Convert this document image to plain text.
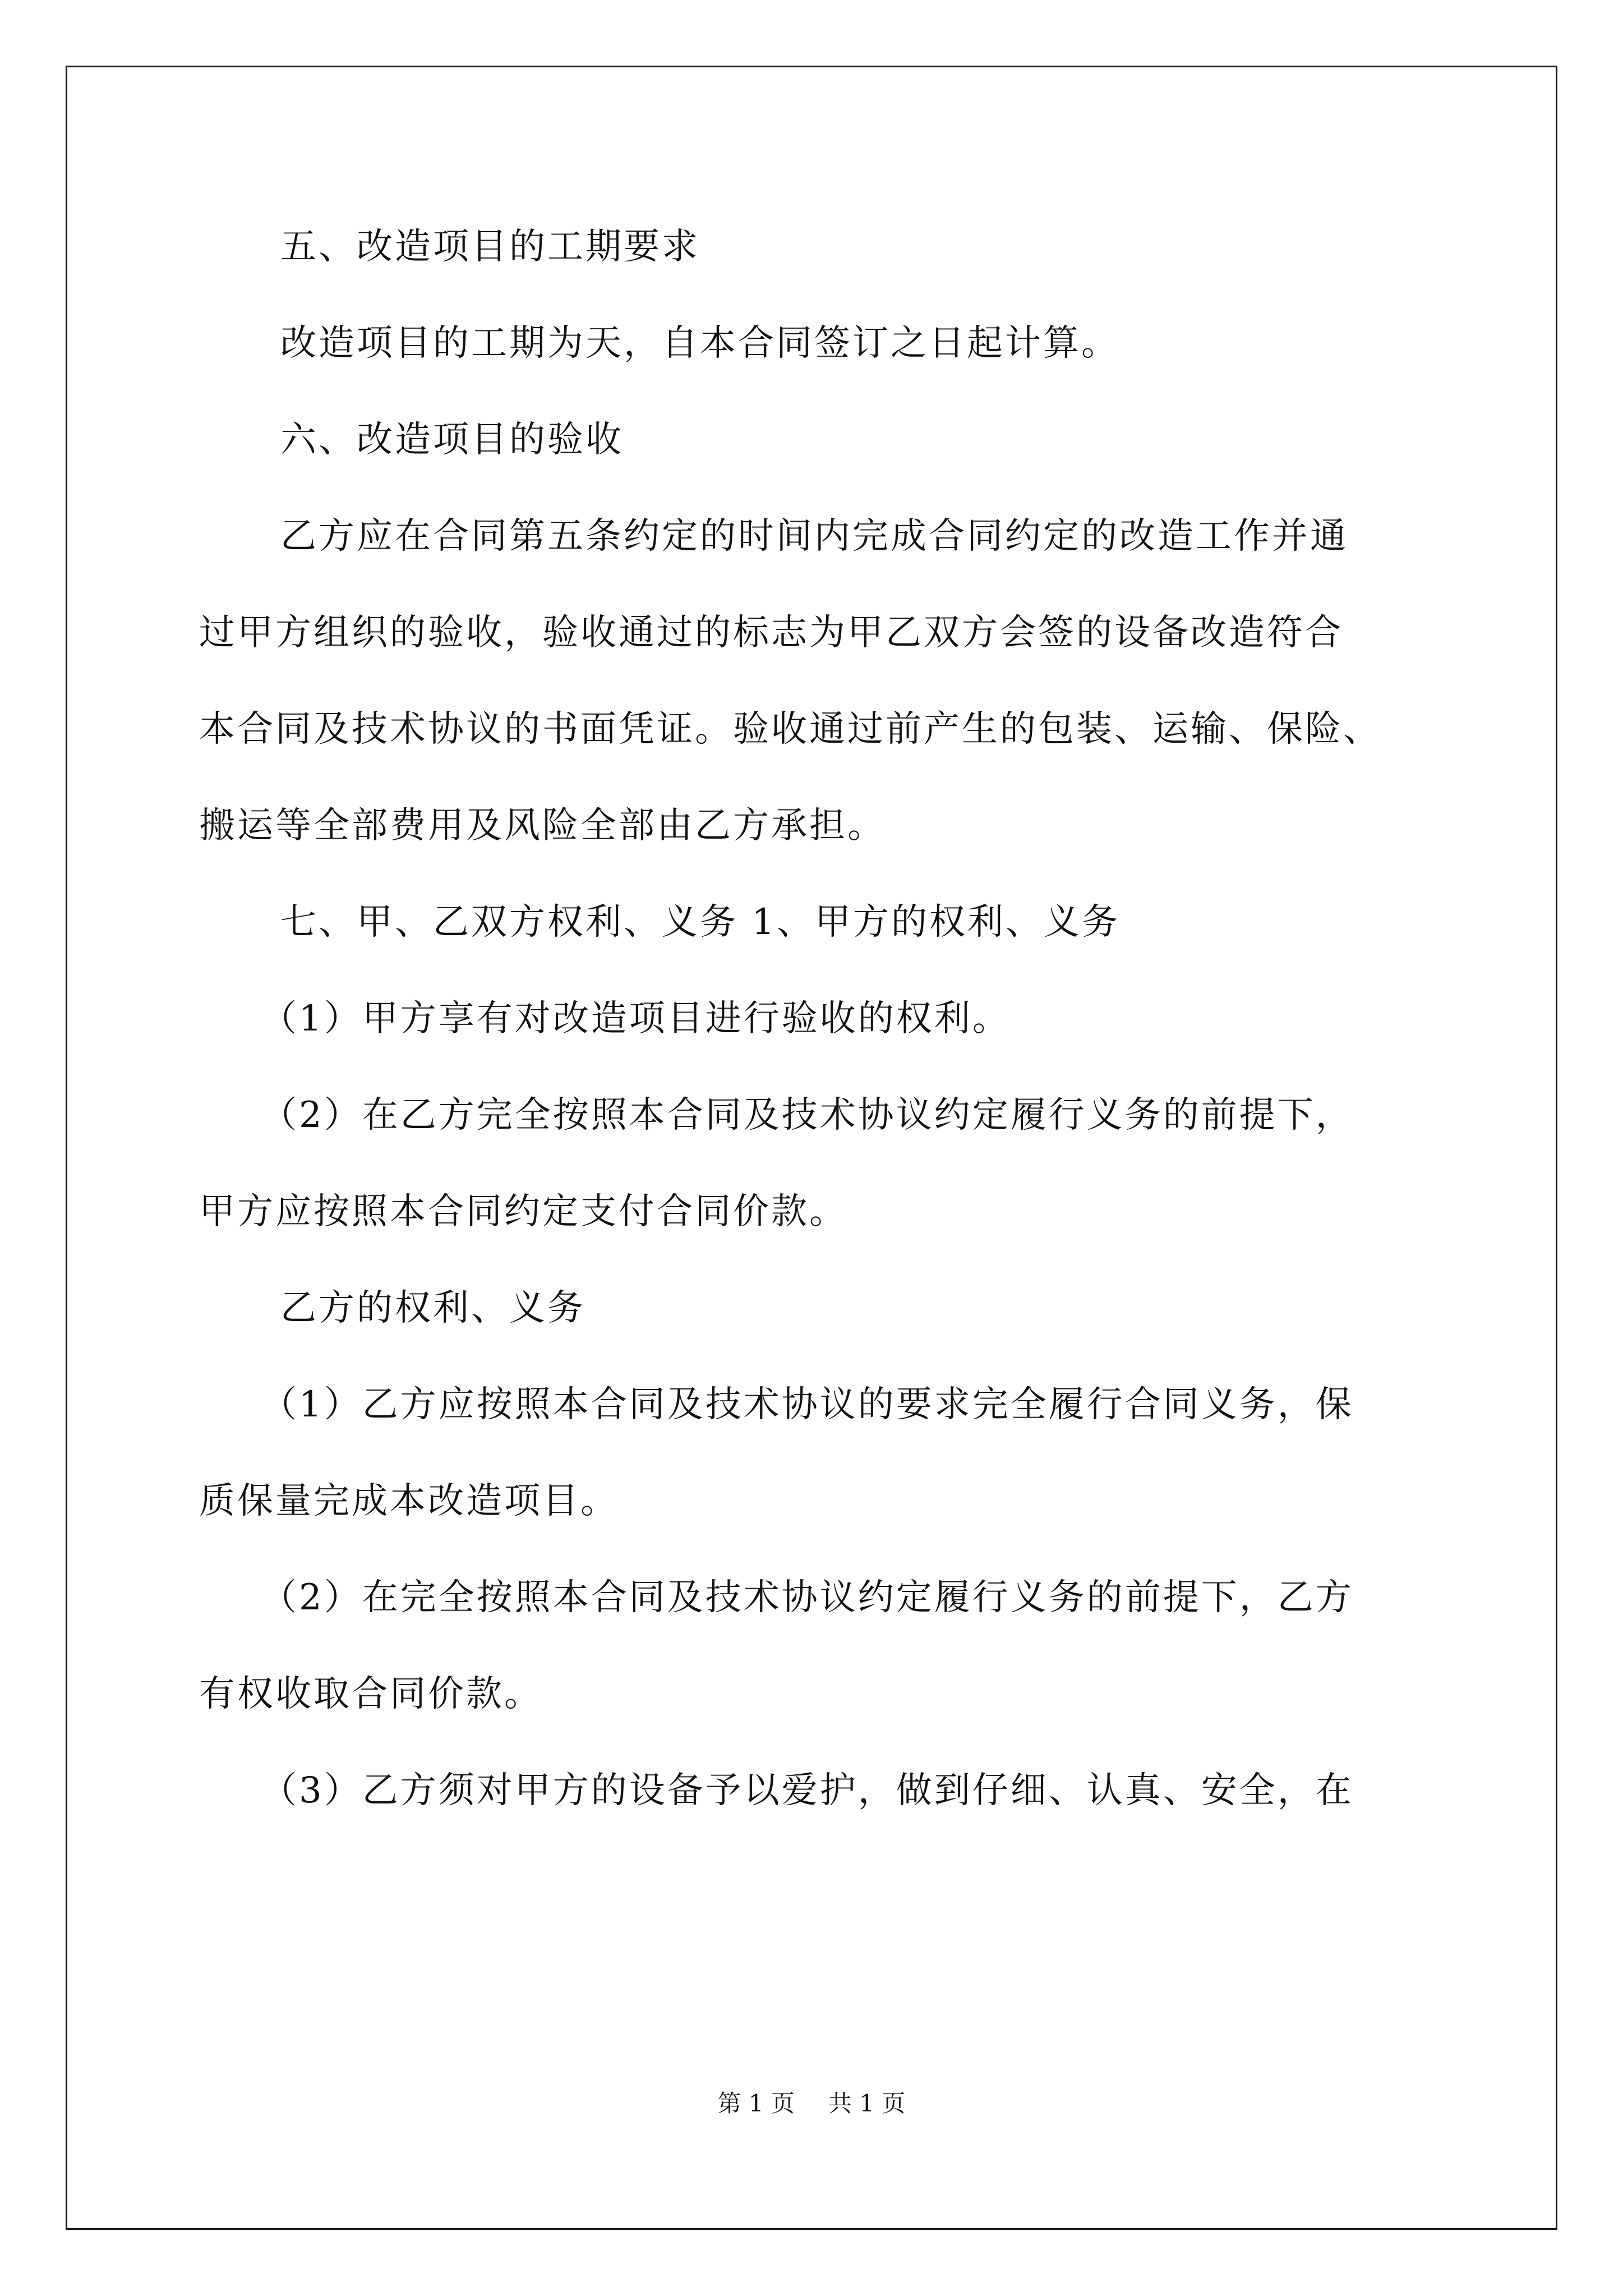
五、改造项目的工期要求
改造项目的工期为天，自本合同签订之日起计算。
六、改造项目的验收
乙方应在合同第五条约定的时间内完成合同约定的改造工作并通
过甲方组织的验收，验收通过的标志为甲乙双方会签的设备改造符合
本合同及技术协议的书面凭证。验收通过前产生的包装、运输、保险、
搬运等全部费用及风险全部由乙方承担。
七、甲、乙双方权利、义务 1、甲方的权利、义务
（1）甲方享有对改造项目进行验收的权利。
（2）在乙方完全按照本合同及技术协议约定履行义务的前提下，
甲方应按照本合同约定支付合同价款。
乙方的权利、义务
（1）乙方应按照本合同及技术协议的要求完全履行合同义务，保
质保量完成本改造项目。
（2）在完全按照本合同及技术协议约定履行义务的前提下，乙方
有权收取合同价款。
（3）乙方须对甲方的设备予以爱护，做到仔细、认真、安全，在
第 1 页 共 1 页
